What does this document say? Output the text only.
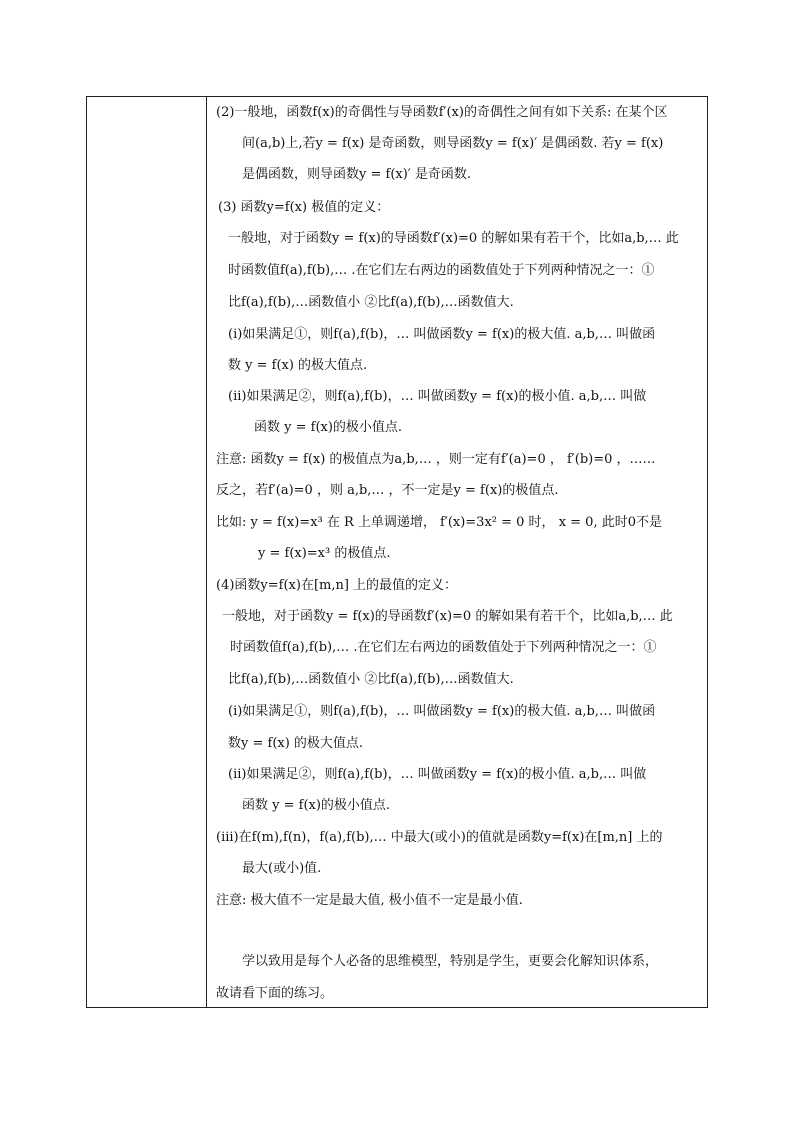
(2)一般地，函数f(x)的奇偶性与导函数f′(x)的奇偶性之间有如下关系: 在某个区
间(a,b)上,若y = f(x) 是奇函数，则导函数y = f(x)′ 是偶函数. 若y = f(x)
是偶函数，则导函数y = f(x)′ 是奇函数.
(3) 函数y=f(x) 极值的定义：
一般地，对于函数y = f(x)的导函数f′(x)=0 的解如果有若干个，比如a,b,… 此
时函数值f(a),f(b),… .在它们左右两边的函数值处于下列两种情况之一：①
比f(a),f(b),…函数值小 ②比f(a),f(b),…函数值大.
(i)如果满足①，则f(a),f(b)，… 叫做函数y = f(x)的极大值. a,b,… 叫做函
数 y = f(x) 的极大值点.
(ii)如果满足②，则f(a),f(b)，… 叫做函数y = f(x)的极小值. a,b,… 叫做
函数 y = f(x)的极小值点.
注意: 函数y = f(x) 的极值点为a,b,… ，则一定有f′(a)=0 ， f′(b)=0 ，……
反之，若f′(a)=0 ，则 a,b,… ，不一定是y = f(x)的极值点.
比如: y = f(x)=x³ 在 R 上单调递增， f′(x)=3x² = 0 时， x = 0, 此时0不是
y = f(x)=x³ 的极值点.
(4)函数y=f(x)在[m,n] 上的最值的定义：
一般地，对于函数y = f(x)的导函数f′(x)=0 的解如果有若干个，比如a,b,… 此
时函数值f(a),f(b),… .在它们左右两边的函数值处于下列两种情况之一：①
比f(a),f(b),…函数值小 ②比f(a),f(b),…函数值大.
(i)如果满足①，则f(a),f(b)，… 叫做函数y = f(x)的极大值. a,b,… 叫做函
数y = f(x) 的极大值点.
(ii)如果满足②，则f(a),f(b)，… 叫做函数y = f(x)的极小值. a,b,… 叫做
函数 y = f(x)的极小值点.
(iii)在f(m),f(n)，f(a),f(b),… 中最大(或小)的值就是函数y=f(x)在[m,n] 上的
最大(或小)值.
注意: 极大值不一定是最大值, 极小值不一定是最小值.
学以致用是每个人必备的思维模型，特别是学生，更要会化解知识体系，
故请看下面的练习。
